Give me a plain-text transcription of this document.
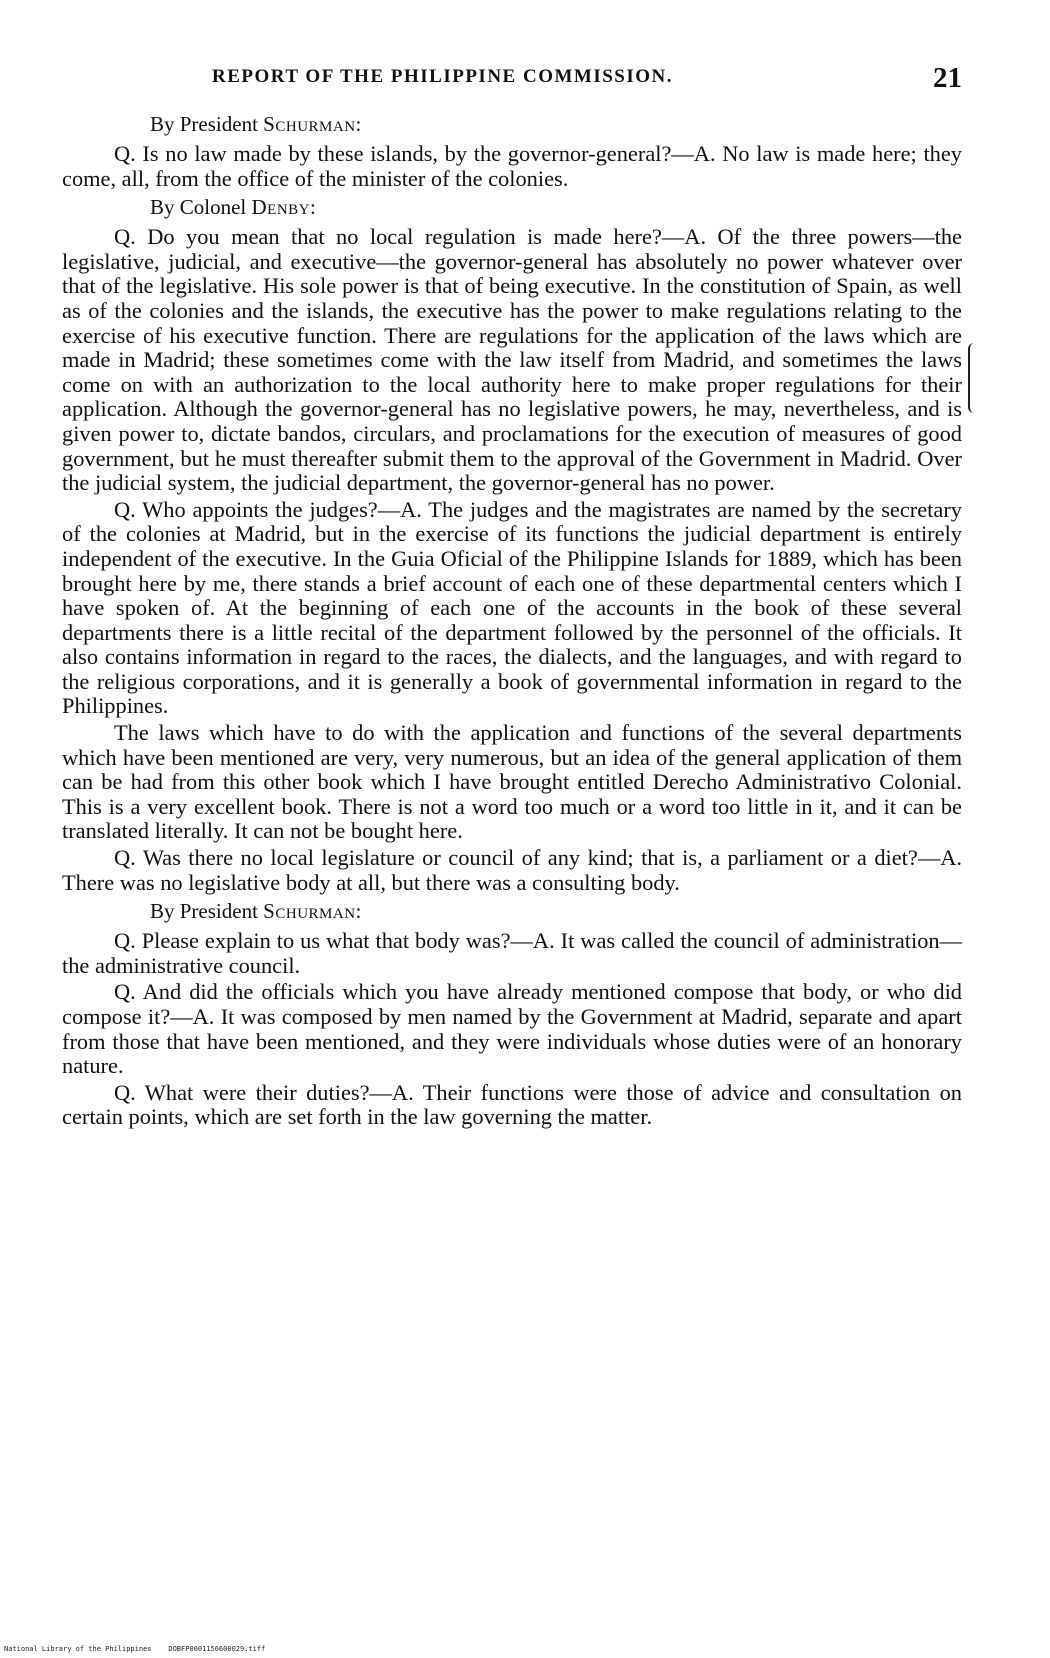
REPORT OF THE PHILIPPINE COMMISSION.	21
By President Schurman:

Q. Is no law made by these islands, by the governor-general?—A. No law is made here; they come, all, from the office of the minister of the colonies.

By Colonel Denby:

Q. Do you mean that no local regulation is made here?—A. Of the three powers—the legislative, judicial, and executive—the governor-general has absolutely no power whatever over that of the legislative. His sole power is that of being executive. In the constitution of Spain, as well as of the colonies and the islands, the executive has the power to make regulations relating to the exercise of his executive function. There are regulations for the application of the laws which are made in Madrid; these sometimes come with the law itself from Madrid, and sometimes the laws come on with an authorization to the local authority here to make proper regulations for their application. Although the governor-general has no legislative powers, he may, nevertheless, and is given power to, dictate bandos, circulars, and proclamations for the execution of measures of good government, but he must thereafter submit them to the approval of the Government in Madrid. Over the judicial system, the judicial department, the governor-general has no power.

Q. Who appoints the judges?—A. The judges and the magistrates are named by the secretary of the colonies at Madrid, but in the exercise of its functions the judicial department is entirely independent of the executive. In the Guia Oficial of the Philippine Islands for 1889, which has been brought here by me, there stands a brief account of each one of these departmental centers which I have spoken of. At the beginning of each one of the accounts in the book of these several departments there is a little recital of the department followed by the personnel of the officials. It also contains information in regard to the races, the dialects, and the languages, and with regard to the religious corporations, and it is generally a book of governmental information in regard to the Philippines.

The laws which have to do with the application and functions of the several departments which have been mentioned are very, very numerous, but an idea of the general application of them can be had from this other book which I have brought entitled Derecho Administrativo Colonial. This is a very excellent book. There is not a word too much or a word too little in it, and it can be translated literally. It can not be bought here.

Q. Was there no local legislature or council of any kind; that is, a parliament or a diet?—A. There was no legislative body at all, but there was a consulting body.

By President Schurman:

Q. Please explain to us what that body was?—A. It was called the council of administration—the administrative council.

Q. And did the officials which you have already mentioned compose that body, or who did compose it?—A. It was composed by men named by the Government at Madrid, separate and apart from those that have been mentioned, and they were individuals whose duties were of an honorary nature.

Q. What were their duties?—A. Their functions were those of advice and consultation on certain points, which are set forth in the law governing the matter.

National Library of the Philippines    DOBFP0001156600029.tiff
